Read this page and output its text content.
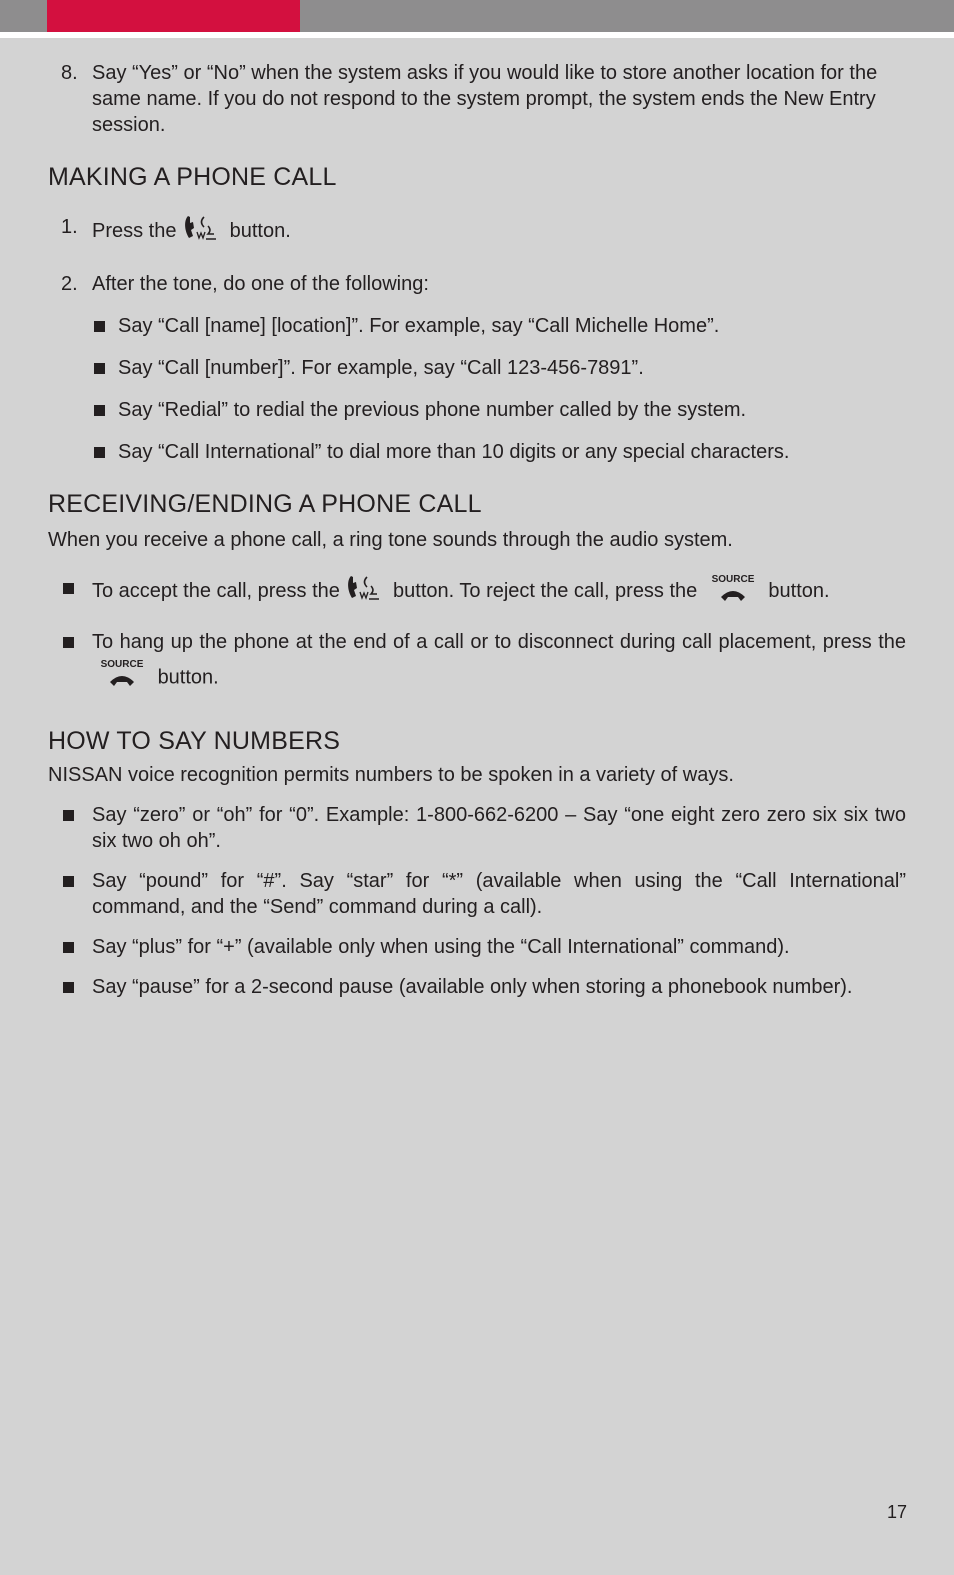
8. Say “Yes” or “No” when the system asks if you would like to store another location for the same name. If you do not respond to the system prompt, the system ends the New Entry session.
MAKING A PHONE CALL
1. Press the	button.
2. After the tone, do one of the following:
Say “Call [name] [location]”. For example, say “Call Michelle Home”.
Say “Call [number]”. For example, say “Call 123-456-7891”.
Say “Redial” to redial the previous phone number called by the system.
Say “Call International” to dial more than 10 digits or any special characters.
RECEIVING/ENDING A PHONE CALL

When you receive a phone call, a ring tone sounds through the audio system.

To accept the call, press the	button. To reject the call, press the
SOURCE
button.
To hang up the phone at the end of a call or to disconnect during call placement, press the
SOURCE
button.
HOW TO SAY NUMBERS

NISSAN voice recognition permits numbers to be spoken in a variety of ways.

Say “zero” or “oh” for “0”. Example: 1-800-662-6200 – Say “one eight zero zero six six two six two oh oh”.
Say “pound” for “#”. Say “star” for “*” (available when using the “Call International” command, and the “Send” command during a call).
Say “plus” for “+” (available only when using the “Call International” command).
Say “pause” for a 2-second pause (available only when storing a phonebook number).
17
